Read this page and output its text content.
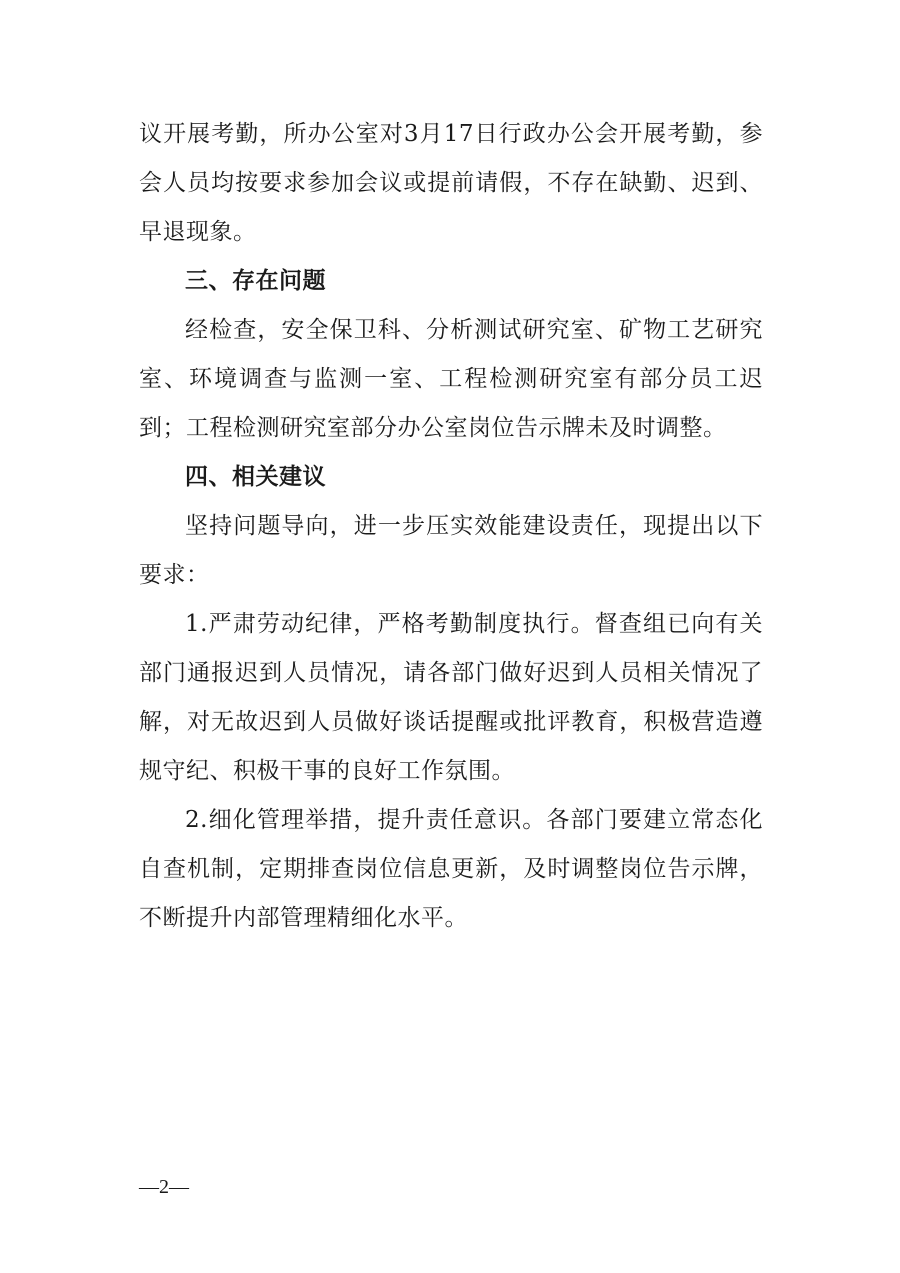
议开展考勤，所办公室对3月17日行政办公会开展考勤，参会人员均按要求参加会议或提前请假，不存在缺勤、迟到、早退现象。

三、存在问题

经检查，安全保卫科、分析测试研究室、矿物工艺研究室、环境调查与监测一室、工程检测研究室有部分员工迟到；工程检测研究室部分办公室岗位告示牌未及时调整。

四、相关建议

坚持问题导向，进一步压实效能建设责任，现提出以下要求：

1.严肃劳动纪律，严格考勤制度执行。督查组已向有关部门通报迟到人员情况，请各部门做好迟到人员相关情况了解，对无故迟到人员做好谈话提醒或批评教育，积极营造遵规守纪、积极干事的良好工作氛围。

2.细化管理举措，提升责任意识。各部门要建立常态化自查机制，定期排查岗位信息更新，及时调整岗位告示牌，不断提升内部管理精细化水平。

—2—
